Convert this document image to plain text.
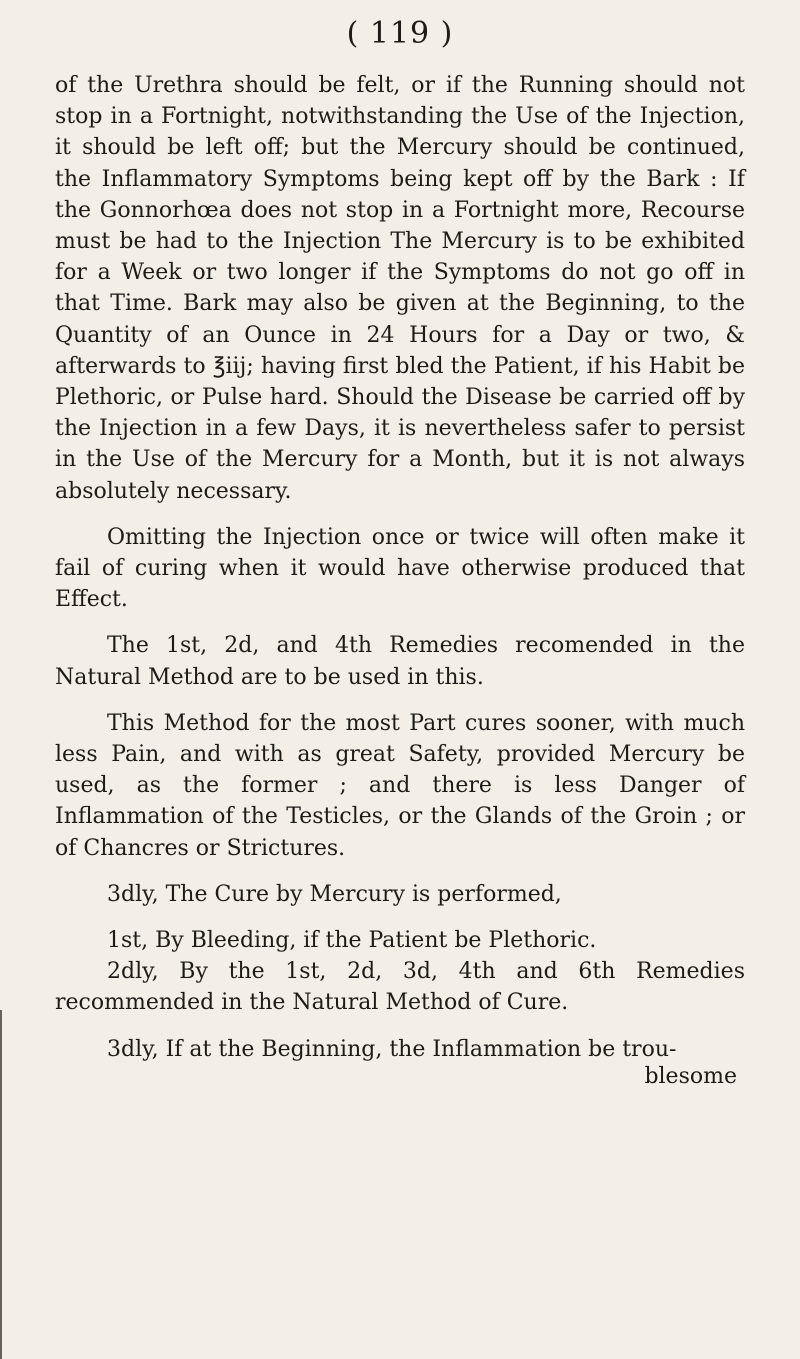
( 119 )

of the Urethra should be felt, or if the Running should not stop in a Fortnight, notwithstanding the Use of the Injection, it should be left off; but the Mercury should be continued, the Inflammatory Symptoms being kept off by the Bark : If the Gonnorhœa does not stop in a Fortnight more, Recourse must be had to the Injection The Mercury is to be exhibited for a Week or two longer if the Symptoms do not go off in that Time. Bark may also be given at the Beginning, to the Quantity of an Ounce in 24 Hours for a Day or two, & afterwards to ℥iij; having first bled the Patient, if his Habit be Plethoric, or Pulse hard. Should the Disease be carried off by the Injection in a few Days, it is nevertheless safer to persist in the Use of the Mercury for a Month, but it is not always absolutely necessary.

Omitting the Injection once or twice will often make it fail of curing when it would have otherwise produced that Effect.

The 1st, 2d, and 4th Remedies recomended in the Natural Method are to be used in this.

This Method for the most Part cures sooner, with much less Pain, and with as great Safety, provided Mercury be used, as the former ; and there is less Danger of Inflammation of the Testicles, or the Glands of the Groin ; or of Chancres or Strictures.

3dly, The Cure by Mercury is performed,

1st, By Bleeding, if the Patient be Plethoric.

2dly, By the 1st, 2d, 3d, 4th and 6th Remedies recommended in the Natural Method of Cure.

3dly, If at the Beginning, the Inflammation be trou-

blesome
